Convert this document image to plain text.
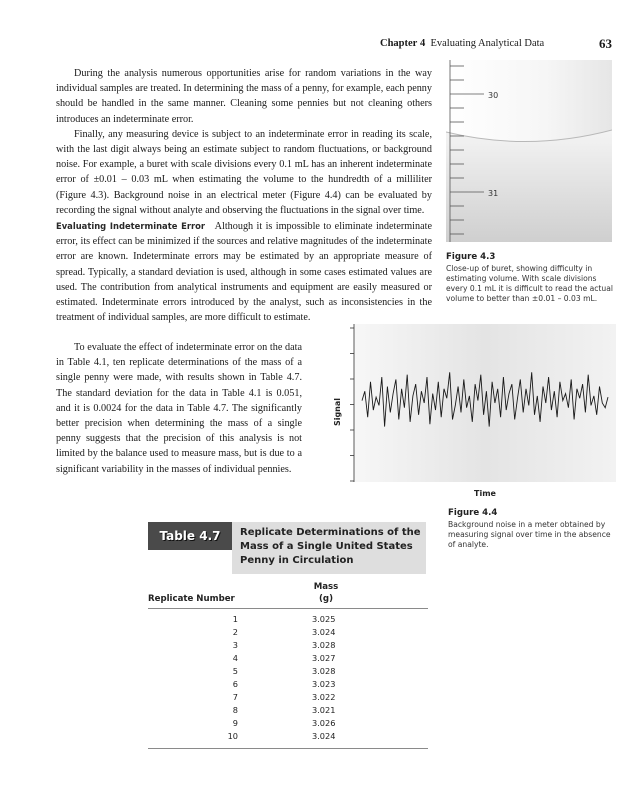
Chapter 4 Evaluating Analytical Data	63

During the analysis numerous opportunities arise for random variations in the way individual samples are treated. In determining the mass of a penny, for example, each penny should be handled in the same manner. Cleaning some pennies but not cleaning others introduces an indeterminate error.

Finally, any measuring device is subject to an indeterminate error in reading its scale, with the last digit always being an estimate subject to random fluctuations, or background noise. For example, a buret with scale divisions every 0.1 mL has an inherent indeterminate error of ±0.01 – 0.03 mL when estimating the volume to the hundredth of a milliliter (Figure 4.3). Background noise in an electrical meter (Figure 4.4) can be evaluated by recording the signal without analyte and observing the fluctuations in the signal over time.

Evaluating Indeterminate Error Although it is impossible to eliminate indeterminate error, its effect can be minimized if the sources and relative magnitudes of the indeterminate error are known. Indeterminate errors may be estimated by an appropriate measure of spread. Typically, a standard deviation is used, although in some cases estimated values are used. The contribution from analytical instruments and equipment are easily measured or estimated. Indeterminate errors introduced by the analyst, such as inconsistencies in the treatment of individual samples, are more difficult to estimate.

To evaluate the effect of indeterminate error on the data in Table 4.1, ten replicate determinations of the mass of a single penny were made, with results shown in Table 4.7. The standard deviation for the data in Table 4.1 is 0.051, and it is 0.0024 for the data in Table 4.7. The significantly better precision when determining the mass of a single penny suggests that the precision of this analysis is not limited by the balance used to measure mass, but is due to a significant variability in the masses of individual pennies.
30
31
Figure 4.3
Close-up of buret, showing difficulty in estimating volume. With scale divisions every 0.1 mL it is difficult to read the actual volume to better than ±0.01 – 0.03 mL.
Signal
Time
Figure 4.4
Background noise in a meter obtained by measuring signal over time in the absence of analyte.
Table 4.7	Replicate Determinations of the Mass of a Single United States Penny in Circulation
Mass
(g)
Replicate Number
1	3.025
2	3.024
3	3.028
4	3.027
5	3.028
6	3.023
7	3.022
8	3.021
9	3.026
10	3.024
